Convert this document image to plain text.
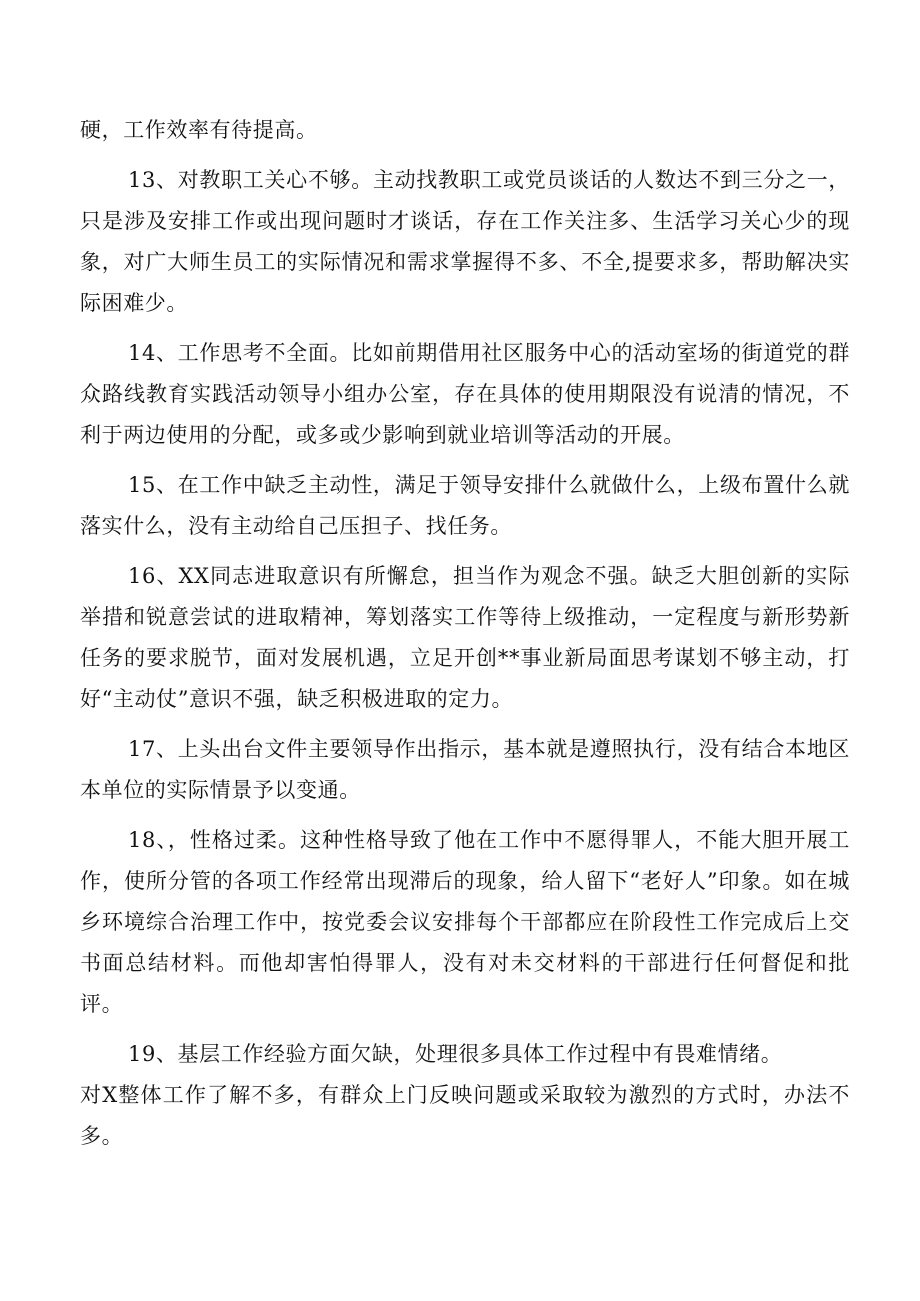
硬，工作效率有待提高。

13、对教职工关心不够。主动找教职工或党员谈话的人数达不到三分之一，只是涉及安排工作或出现问题时才谈话，存在工作关注多、生活学习关心少的现象，对广大师生员工的实际情况和需求掌握得不多、不全,提要求多，帮助解决实际困难少。

14、工作思考不全面。比如前期借用社区服务中心的活动室场的街道党的群众路线教育实践活动领导小组办公室，存在具体的使用期限没有说清的情况，不利于两边使用的分配，或多或少影响到就业培训等活动的开展。

15、在工作中缺乏主动性，满足于领导安排什么就做什么，上级布置什么就落实什么，没有主动给自己压担子、找任务。

16、XX同志进取意识有所懈怠，担当作为观念不强。缺乏大胆创新的实际举措和锐意尝试的进取精神，筹划落实工作等待上级推动，一定程度与新形势新任务的要求脱节，面对发展机遇，立足开创**事业新局面思考谋划不够主动，打好“主动仗”意识不强，缺乏积极进取的定力。

17、上头出台文件主要领导作出指示，基本就是遵照执行，没有结合本地区本单位的实际情景予以变通。

18、，性格过柔。这种性格导致了他在工作中不愿得罪人，不能大胆开展工作，使所分管的各项工作经常出现滞后的现象，给人留下“老好人”印象。如在城乡环境综合治理工作中，按党委会议安排每个干部都应在阶段性工作完成后上交书面总结材料。而他却害怕得罪人，没有对未交材料的干部进行任何督促和批评。

19、基层工作经验方面欠缺，处理很多具体工作过程中有畏难情绪。

对X整体工作了解不多，有群众上门反映问题或采取较为激烈的方式时，办法不多。
